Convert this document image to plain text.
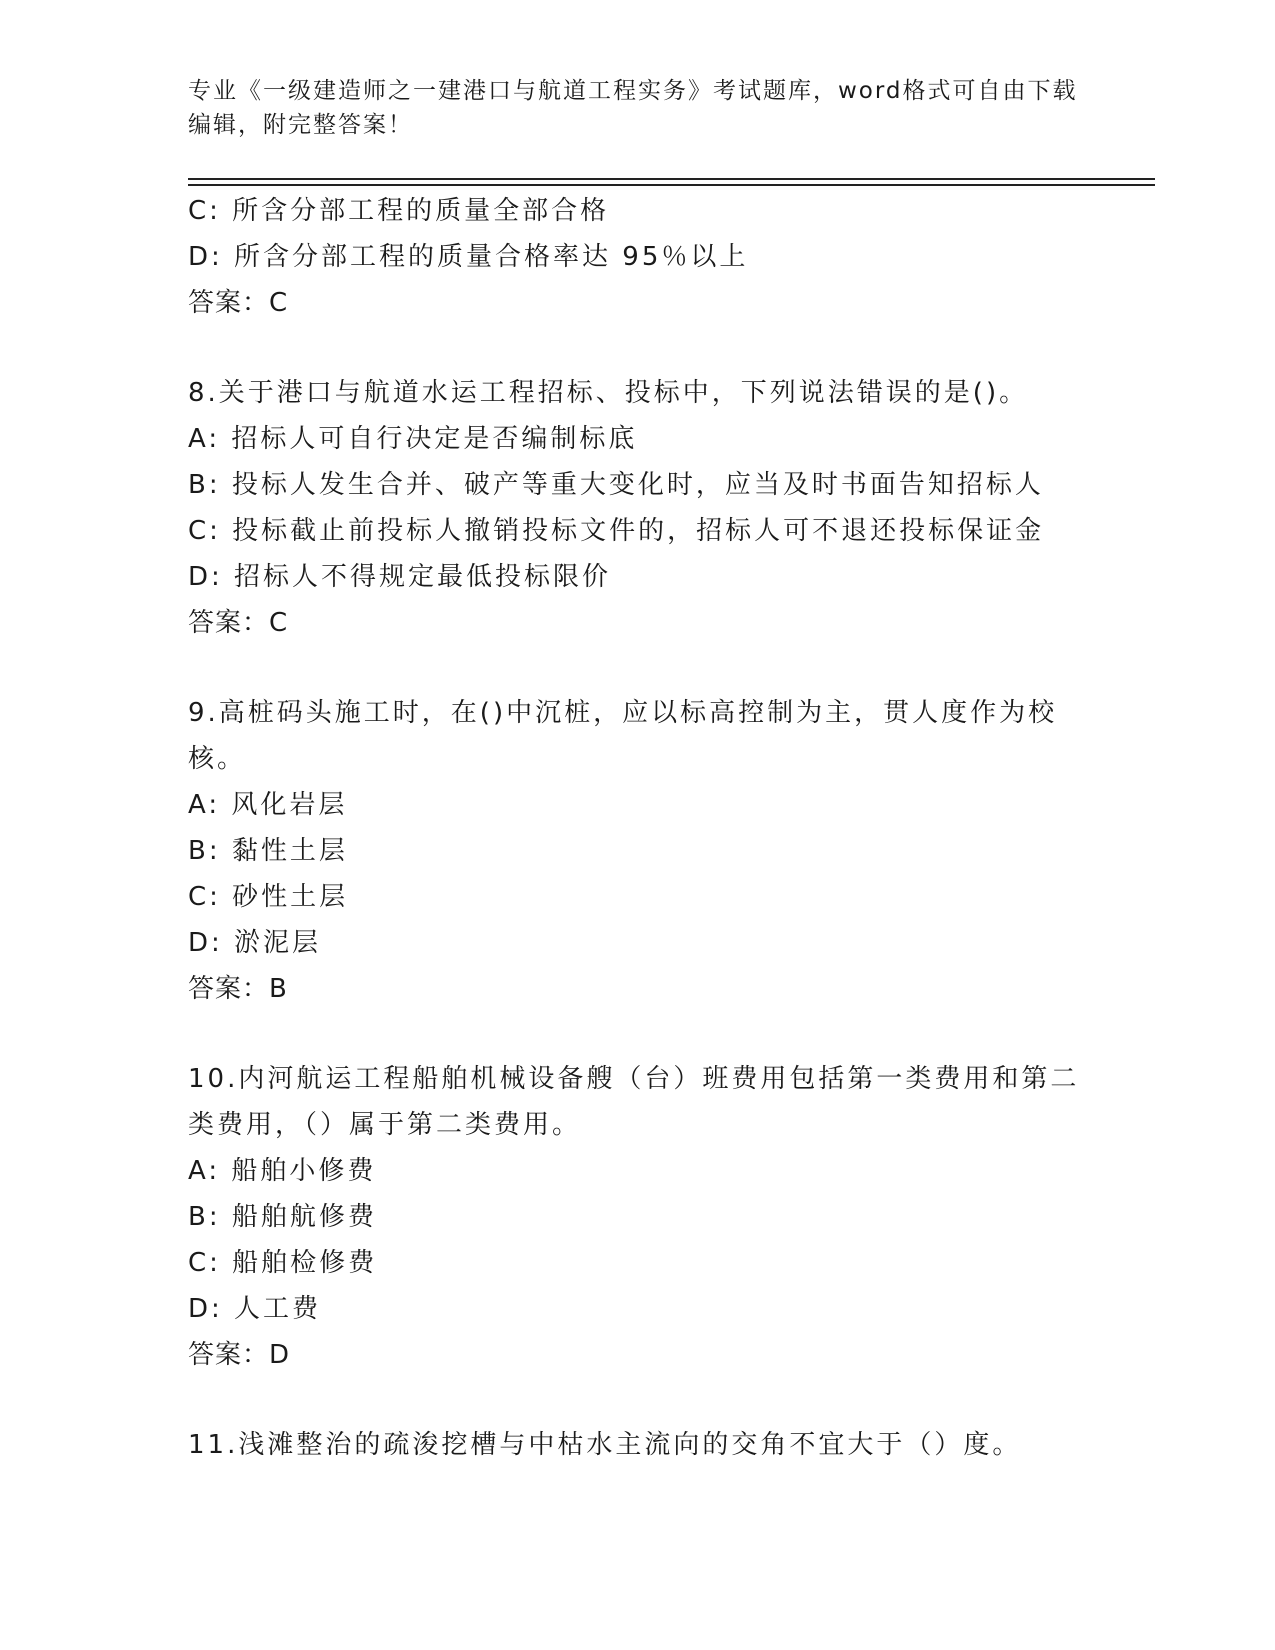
专业《一级建造师之一建港口与航道工程实务》考试题库，word格式可自由下载
编辑，附完整答案！
C: 所含分部工程的质量全部合格
D: 所含分部工程的质量合格率达 95％以上
答案：C
8.关于港口与航道水运工程招标、投标中，下列说法错误的是()。
A: 招标人可自行决定是否编制标底
B: 投标人发生合并、破产等重大变化时，应当及时书面告知招标人
C: 投标截止前投标人撤销投标文件的，招标人可不退还投标保证金
D: 招标人不得规定最低投标限价
答案：C
9.高桩码头施工时，在()中沉桩，应以标高控制为主，贯人度作为校
核。
A: 风化岩层
B: 黏性土层
C: 砂性土层
D: 淤泥层
答案：B
10.内河航运工程船舶机械设备艘（台）班费用包括第一类费用和第二
类费用，（）属于第二类费用。
A: 船舶小修费
B: 船舶航修费
C: 船舶检修费
D: 人工费
答案：D
11.浅滩整治的疏浚挖槽与中枯水主流向的交角不宜大于（）度。
